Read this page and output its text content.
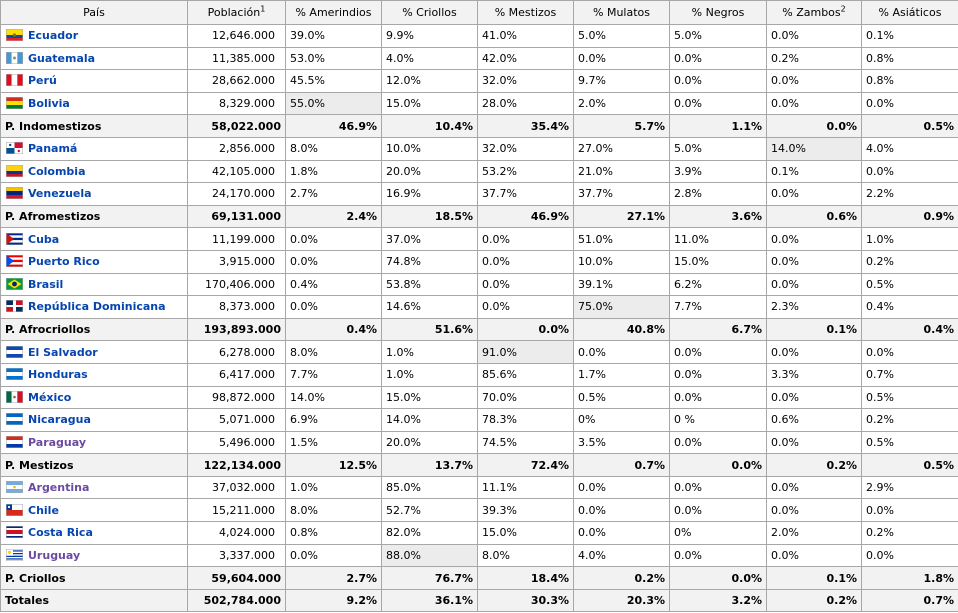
País	Población$^1$	% Amerindios	% Criollos	% Mestizos	% Mulatos	% Negros	% Zambos$^2$	% Asiáticos

Ecuador	12,646.000	39.0%	9.9%	41.0%	5.0%	5.0%	0.0%	0.1%

Guatemala	11,385.000	53.0%	4.0%	42.0%	0.0%	0.0%	0.2%	0.8%

Perú	28,662.000	45.5%	12.0%	32.0%	9.7%	0.0%	0.0%	0.8%

Bolivia	8,329.000	55.0%	15.0%	28.0%	2.0%	0.0%	0.0%	0.0%
P. Indomestizos	58,022.000	46.9%	10.4%	35.4%	5.7%	1.1%	0.0%	0.5%

Panamá	2,856.000	8.0%	10.0%	32.0%	27.0%	5.0%	14.0%	4.0%

Colombia	42,105.000	1.8%	20.0%	53.2%	21.0%	3.9%	0.1%	0.0%

Venezuela	24,170.000	2.7%	16.9%	37.7%	37.7%	2.8%	0.0%	2.2%
P. Afromestizos	69,131.000	2.4%	18.5%	46.9%	27.1%	3.6%	0.6%	0.9%

Cuba	11,199.000	0.0%	37.0%	0.0%	51.0%	11.0%	0.0%	1.0%

Puerto Rico	3,915.000	0.0%	74.8%	0.0%	10.0%	15.0%	0.0%	0.2%

Brasil	170,406.000	0.4%	53.8%	0.0%	39.1%	6.2%	0.0%	0.5%

República Dominicana	8,373.000	0.0%	14.6%	0.0%	75.0%	7.7%	2.3%	0.4%
P. Afrocriollos	193,893.000	0.4%	51.6%	0.0%	40.8%	6.7%	0.1%	0.4%

El Salvador	6,278.000	8.0%	1.0%	91.0%	0.0%	0.0%	0.0%	0.0%

Honduras	6,417.000	7.7%	1.0%	85.6%	1.7%	0.0%	3.3%	0.7%

México	98,872.000	14.0%	15.0%	70.0%	0.5%	0.0%	0.0%	0.5%

Nicaragua	5,071.000	6.9%	14.0%	78.3%	0%	0 %	0.6%	0.2%

Paraguay	5,496.000	1.5%	20.0%	74.5%	3.5%	0.0%	0.0%	0.5%
P. Mestizos	122,134.000	12.5%	13.7%	72.4%	0.7%	0.0%	0.2%	0.5%

Argentina	37,032.000	1.0%	85.0%	11.1%	0.0%	0.0%	0.0%	2.9%

Chile	15,211.000	8.0%	52.7%	39.3%	0.0%	0.0%	0.0%	0.0%

Costa Rica	4,024.000	0.8%	82.0%	15.0%	0.0%	0%	2.0%	0.2%

Uruguay	3,337.000	0.0%	88.0%	8.0%	4.0%	0.0%	0.0%	0.0%
P. Criollos	59,604.000	2.7%	76.7%	18.4%	0.2%	0.0%	0.1%	1.8%
Totales	502,784.000	9.2%	36.1%	30.3%	20.3%	3.2%	0.2%	0.7%
